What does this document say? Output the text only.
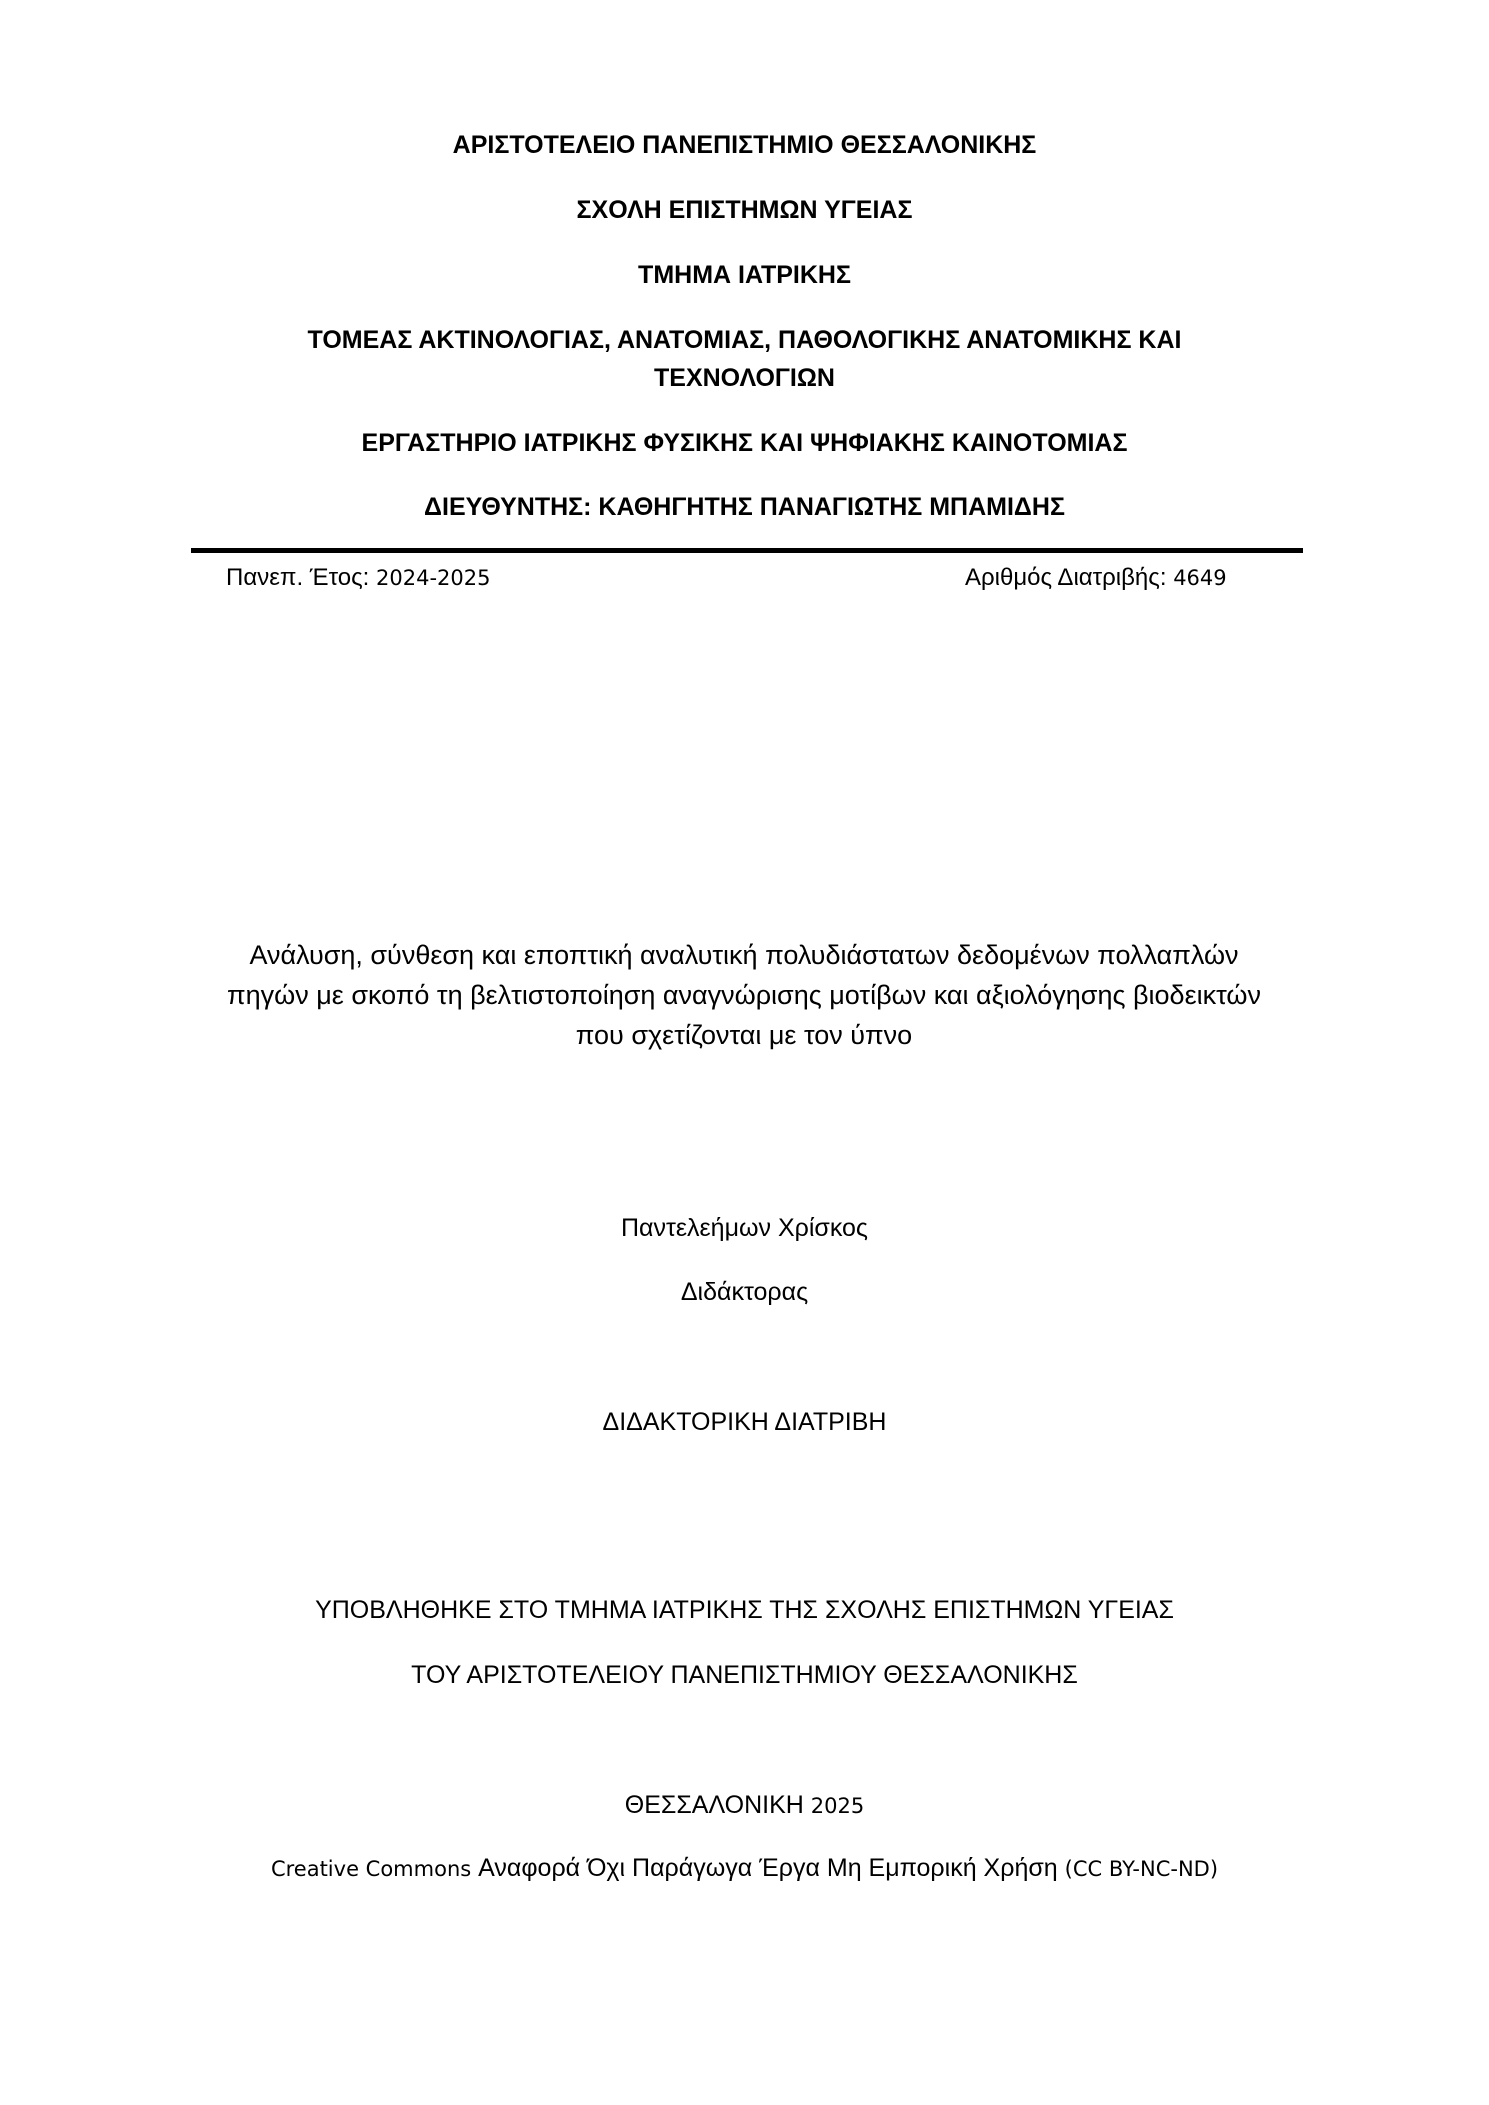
ΑΡΙΣΤΟΤΕΛΕΙΟ ΠΑΝΕΠΙΣΤΗΜΙΟ ΘΕΣΣΑΛΟΝΙΚΗΣ
ΣΧΟΛΗ ΕΠΙΣΤΗΜΩΝ ΥΓΕΙΑΣ
ΤΜΗΜΑ ΙΑΤΡΙΚΗΣ
ΤΟΜΕΑΣ ΑΚΤΙΝΟΛΟΓΙΑΣ, ΑΝΑΤΟΜΙΑΣ, ΠΑΘΟΛΟΓΙΚΗΣ ΑΝΑΤΟΜΙΚΗΣ ΚΑΙ
ΤΕΧΝΟΛΟΓΙΩΝ
ΕΡΓΑΣΤΗΡΙΟ ΙΑΤΡΙΚΗΣ ΦΥΣΙΚΗΣ ΚΑΙ ΨΗΦΙΑΚΗΣ ΚΑΙΝΟΤΟΜΙΑΣ
ΔΙΕΥΘΥΝΤΗΣ: ΚΑΘΗΓΗΤΗΣ ΠΑΝΑΓΙΩΤΗΣ ΜΠΑΜΙΔΗΣ
Πανεπ. Έτος: 2024-2025	Αριθμός Διατριβής: 4649
Ανάλυση, σύνθεση και εποπτική αναλυτική πολυδιάστατων δεδομένων πολλαπλών
πηγών με σκοπό τη βελτιστοποίηση αναγνώρισης μοτίβων και αξιολόγησης βιοδεικτών
που σχετίζονται με τον ύπνο
Παντελεήμων Χρίσκος
Διδάκτορας
ΔΙΔΑΚΤΟΡΙΚΗ ΔΙΑΤΡΙΒΗ
ΥΠΟΒΛΗΘΗΚΕ ΣΤΟ ΤΜΗΜΑ ΙΑΤΡΙΚΗΣ ΤΗΣ ΣΧΟΛΗΣ ΕΠΙΣΤΗΜΩΝ ΥΓΕΙΑΣ
ΤΟΥ ΑΡΙΣΤΟΤΕΛΕΙΟΥ ΠΑΝΕΠΙΣΤΗΜΙΟΥ ΘΕΣΣΑΛΟΝΙΚΗΣ
ΘΕΣΣΑΛΟΝΙΚΗ 2025
Creative Commons Αναφορά Όχι Παράγωγα Έργα Μη Εμπορική Χρήση (CC BY-NC-ND)
